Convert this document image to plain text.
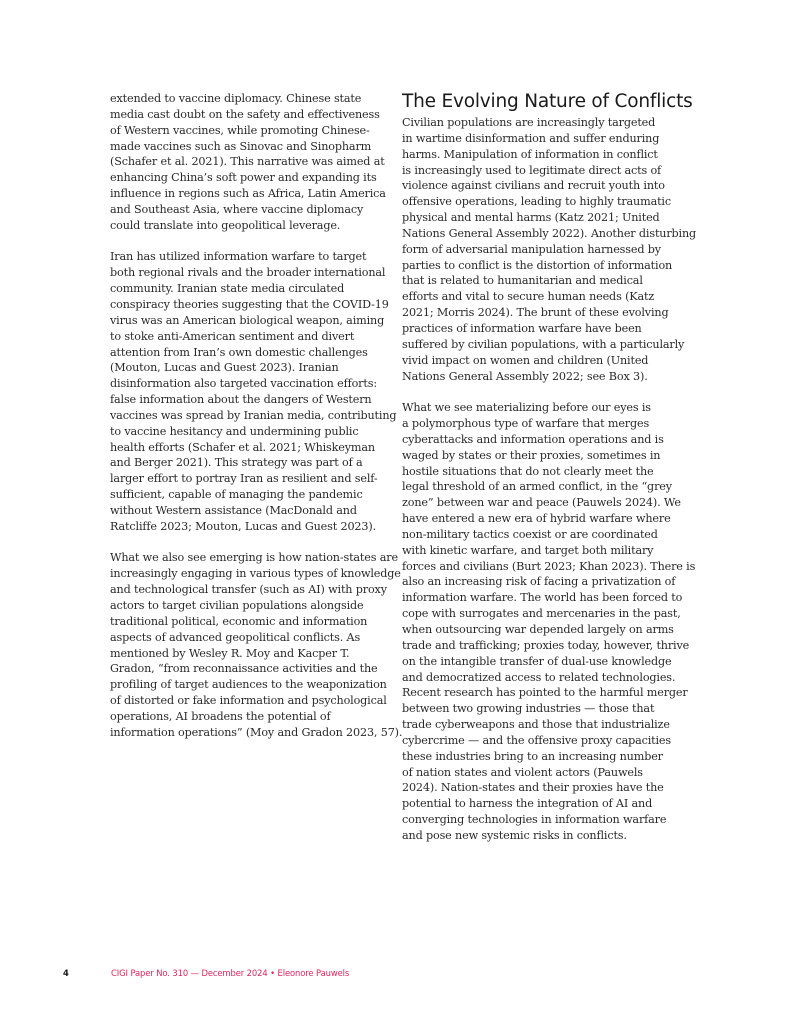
extended to vaccine diplomacy. Chinese state
media cast doubt on the safety and effectiveness
of Western vaccines, while promoting Chinese-
made vaccines such as Sinovac and Sinopharm
(Schafer et al. 2021). This narrative was aimed at
enhancing China’s soft power and expanding its
influence in regions such as Africa, Latin America
and Southeast Asia, where vaccine diplomacy
could translate into geopolitical leverage.

Iran has utilized information warfare to target
both regional rivals and the broader international
community. Iranian state media circulated
conspiracy theories suggesting that the COVID-19
virus was an American biological weapon, aiming
to stoke anti-American sentiment and divert
attention from Iran’s own domestic challenges
(Mouton, Lucas and Guest 2023). Iranian
disinformation also targeted vaccination efforts:
false information about the dangers of Western
vaccines was spread by Iranian media, contributing
to vaccine hesitancy and undermining public
health efforts (Schafer et al. 2021; Whiskeyman
and Berger 2021). This strategy was part of a
larger effort to portray Iran as resilient and self-
sufficient, capable of managing the pandemic
without Western assistance (MacDonald and
Ratcliffe 2023; Mouton, Lucas and Guest 2023).

What we also see emerging is how nation-states are
increasingly engaging in various types of knowledge
and technological transfer (such as AI) with proxy
actors to target civilian populations alongside
traditional political, economic and information
aspects of advanced geopolitical conflicts. As
mentioned by Wesley R. Moy and Kacper T.
Gradon, “from reconnaissance activities and the
profiling of target audiences to the weaponization
of distorted or fake information and psychological
operations, AI broadens the potential of
information operations” (Moy and Gradon 2023, 57).

The Evolving Nature of Conflicts

Civilian populations are increasingly targeted
in wartime disinformation and suffer enduring
harms. Manipulation of information in conflict
is increasingly used to legitimate direct acts of
violence against civilians and recruit youth into
offensive operations, leading to highly traumatic
physical and mental harms (Katz 2021; United
Nations General Assembly 2022). Another disturbing
form of adversarial manipulation harnessed by
parties to conflict is the distortion of information
that is related to humanitarian and medical
efforts and vital to secure human needs (Katz
2021; Morris 2024). The brunt of these evolving
practices of information warfare have been
suffered by civilian populations, with a particularly
vivid impact on women and children (United
Nations General Assembly 2022; see Box 3).

What we see materializing before our eyes is
a polymorphous type of warfare that merges
cyberattacks and information operations and is
waged by states or their proxies, sometimes in
hostile situations that do not clearly meet the
legal threshold of an armed conflict, in the “grey
zone” between war and peace (Pauwels 2024). We
have entered a new era of hybrid warfare where
non-military tactics coexist or are coordinated
with kinetic warfare, and target both military
forces and civilians (Burt 2023; Khan 2023). There is
also an increasing risk of facing a privatization of
information warfare. The world has been forced to
cope with surrogates and mercenaries in the past,
when outsourcing war depended largely on arms
trade and trafficking; proxies today, however, thrive
on the intangible transfer of dual-use knowledge
and democratized access to related technologies.
Recent research has pointed to the harmful merger
between two growing industries — those that
trade cyberweapons and those that industrialize
cybercrime — and the offensive proxy capacities
these industries bring to an increasing number
of nation states and violent actors (Pauwels
2024). Nation-states and their proxies have the
potential to harness the integration of AI and
converging technologies in information warfare
and pose new systemic risks in conflicts.

4	CIGI Paper No. 310 — December 2024 • Eleonore Pauwels
